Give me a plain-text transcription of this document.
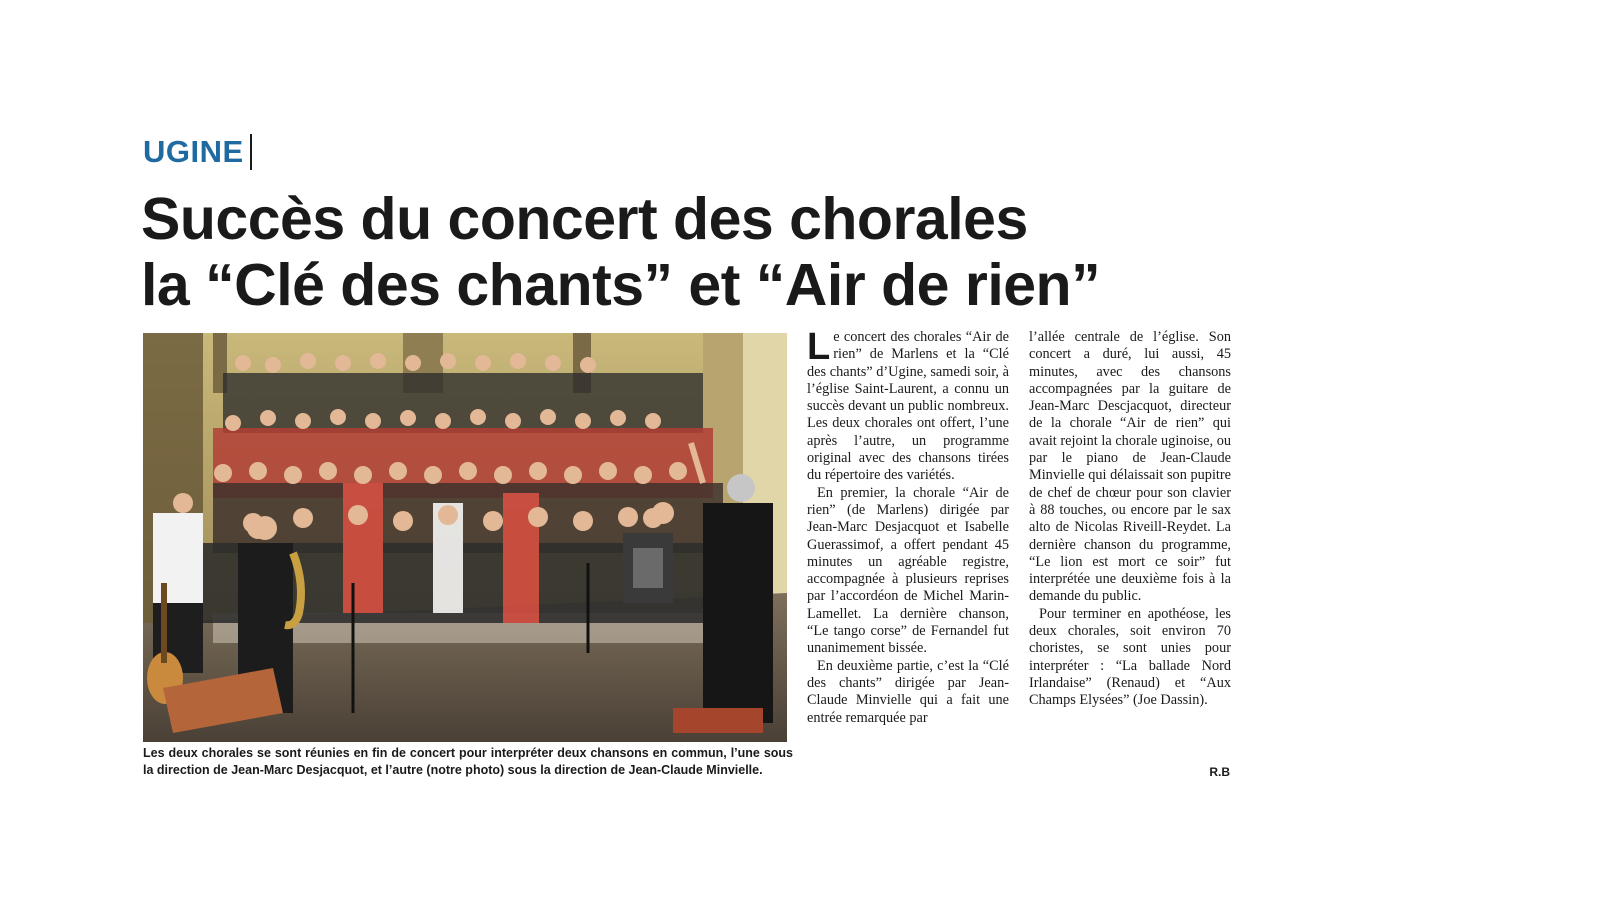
UGINE
Succès du concert des chorales
la “Clé des chants” et “Air de rien”
Les deux chorales se sont réunies en fin de concert pour interpréter deux chansons en commun, l’une sous la direction de Jean-Marc Desjacquot, et l’autre (notre photo) sous la direction de Jean-Claude Minvielle.

Le concert des chorales “Air de rien” de Marlens et la “Clé des chants” d’Ugine, samedi soir, à l’église Saint-Laurent, a connu un succès devant un public nombreux. Les deux chorales ont offert, l’une après l’autre, un programme original avec des chansons tirées du répertoire des variétés.

En premier, la chorale “Air de rien” (de Marlens) dirigée par Jean-Marc Desjacquot et Isabelle Guerassimof, a offert pendant 45 minutes un agréable registre, accompagnée à plusieurs reprises par l’accordéon de Michel Marin-Lamellet. La dernière chanson, “Le tango corse” de Fernandel fut unanimement bissée.

En deuxième partie, c’est la “Clé des chants” dirigée par Jean-Claude Minvielle qui a fait une entrée remarquée par

l’allée centrale de l’église. Son concert a duré, lui aussi, 45 minutes, avec des chansons accompagnées par la guitare de Jean-Marc Descjacquot, directeur de la chorale “Air de rien” qui avait rejoint la chorale uginoise, ou par le piano de Jean-Claude Minvielle qui délaissait son pupitre de chef de chœur pour son clavier à 88 touches, ou encore par le sax alto de Nicolas Riveill-Reydet. La dernière chanson du programme, “Le lion est mort ce soir” fut interprétée une deuxième fois à la demande du public.

Pour terminer en apothéose, les deux chorales, soit environ 70 choristes, se sont unies pour interpréter : “La ballade Nord Irlandaise” (Renaud) et “Aux Champs Elysées” (Joe Dassin).

R.B
